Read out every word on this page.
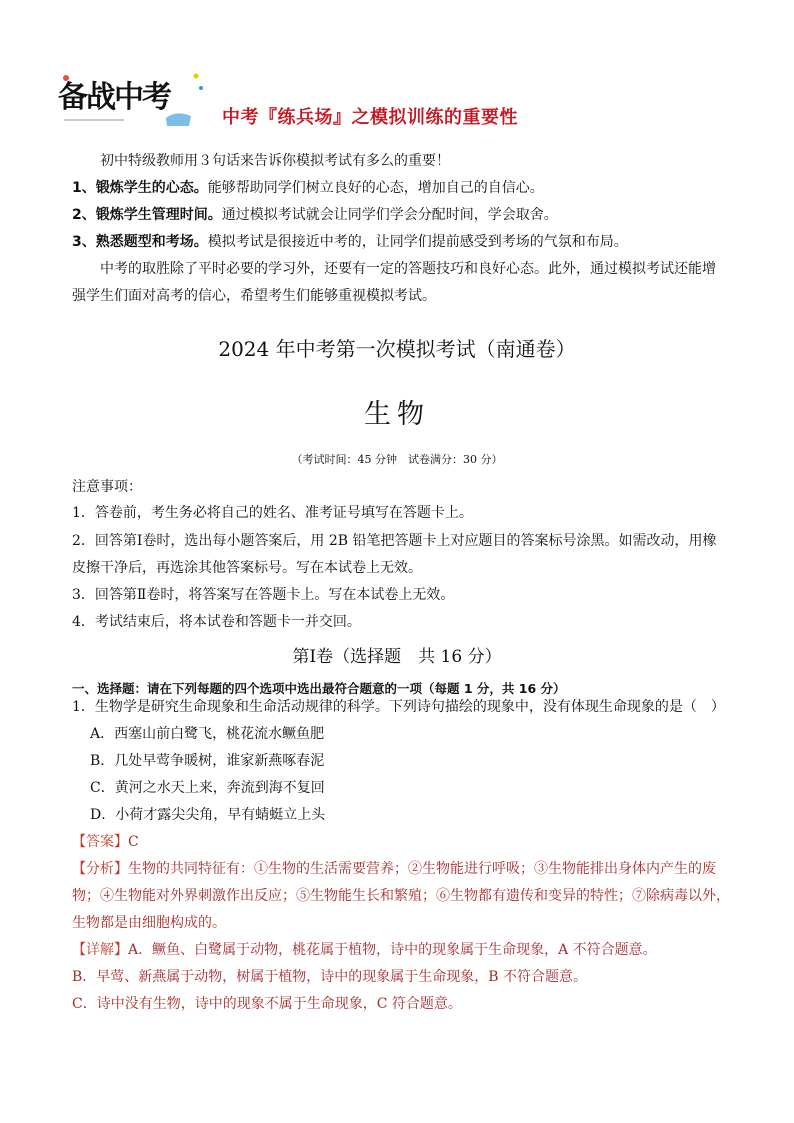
备战中考
中考『练兵场』之模拟训练的重要性
初中特级教师用３句话来告诉你模拟考试有多么的重要！
1、锻炼学生的心态。能够帮助同学们树立良好的心态，增加自己的自信心。
2、锻炼学生管理时间。通过模拟考试就会让同学们学会分配时间，学会取舍。
3、熟悉题型和考场。模拟考试是很接近中考的，让同学们提前感受到考场的气氛和布局。
中考的取胜除了平时必要的学习外，还要有一定的答题技巧和良好心态。此外，通过模拟考试还能增
强学生们面对高考的信心，希望考生们能够重视模拟考试。
2024 年中考第一次模拟考试（南通卷）
生物
（考试时间：45 分钟　试卷满分：30 分）
注意事项：
1．答卷前，考生务必将自己的姓名、准考证号填写在答题卡上。
2．回答第Ⅰ卷时，选出每小题答案后，用 2B 铅笔把答题卡上对应题目的答案标号涂黑。如需改动，用橡
皮擦干净后，再选涂其他答案标号。写在本试卷上无效。
3．回答第Ⅱ卷时，将答案写在答题卡上。写在本试卷上无效。
4．考试结束后，将本试卷和答题卡一并交回。
第Ⅰ卷（选择题　共 16 分）
一、选择题：请在下列每题的四个选项中选出最符合题意的一项（每题 1 分，共 16 分）
1．生物学是研究生命现象和生命活动规律的科学。下列诗句描绘的现象中，没有体现生命现象的是（　）
A．西塞山前白鹭飞，桃花流水鳜鱼肥
B．几处早莺争暖树，谁家新燕啄春泥
C．黄河之水天上来，奔流到海不复回
D．小荷才露尖尖角，早有蜻蜓立上头
【答案】C
【分析】生物的共同特征有：①生物的生活需要营养；②生物能进行呼吸；③生物能排出身体内产生的废
物；④生物能对外界刺激作出反应；⑤生物能生长和繁殖；⑥生物都有遗传和变异的特性；⑦除病毒以外，
生物都是由细胞构成的。
【详解】A．鳜鱼、白鹭属于动物，桃花属于植物，诗中的现象属于生命现象，A 不符合题意。
B．早莺、新燕属于动物，树属于植物，诗中的现象属于生命现象，B 不符合题意。
C．诗中没有生物，诗中的现象不属于生命现象，C 符合题意。
